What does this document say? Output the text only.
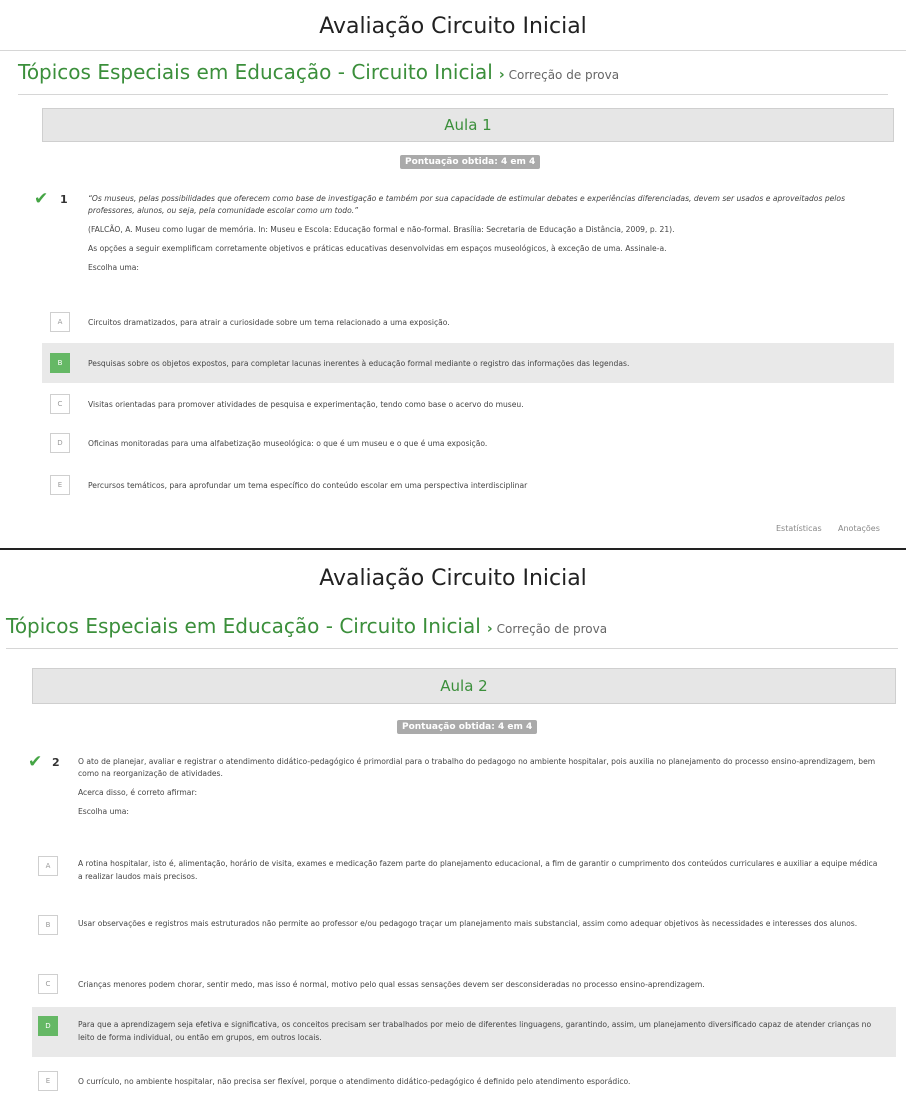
Avaliação Circuito Inicial
Tópicos Especiais em Educação - Circuito Inicial › Correção de prova
Aula 1
Pontuação obtida: 4 em 4
✔ 1	“Os museus, pelas possibilidades que oferecem como base de investigação e também por sua capacidade de estimular debates e experiências diferenciadas, devem ser usados e aproveitados pelos professores, alunos, ou seja, pela comunidade escolar como um todo.”

(FALCÃO, A. Museu como lugar de memória. In: Museu e Escola: Educação formal e não-formal. Brasília: Secretaria de Educação a Distância, 2009, p. 21).

As opções a seguir exemplificam corretamente objetivos e práticas educativas desenvolvidas em espaços museológicos, à exceção de uma. Assinale-a.

Escolha uma:

A	Circuitos dramatizados, para atrair a curiosidade sobre um tema relacionado a uma exposição.
B	Pesquisas sobre os objetos expostos, para completar lacunas inerentes à educação formal mediante o registro das informações das legendas.
C	Visitas orientadas para promover atividades de pesquisa e experimentação, tendo como base o acervo do museu.
D	Oficinas monitoradas para uma alfabetização museológica: o que é um museu e o que é uma exposição.
E	Percursos temáticos, para aprofundar um tema específico do conteúdo escolar em uma perspectiva interdisciplinar
Estatísticas Anotações
Avaliação Circuito Inicial
Tópicos Especiais em Educação - Circuito Inicial › Correção de prova
Aula 2
Pontuação obtida: 4 em 4
✔ 2 O ato de planejar, avaliar e registrar o atendimento didático-pedagógico é primordial para o trabalho do pedagogo no ambiente hospitalar, pois auxilia no planejamento do processo ensino-aprendizagem, bem como na reorganização de atividades.

Acerca disso, é correto afirmar:

Escolha uma:

A	A rotina hospitalar, isto é, alimentação, horário de visita, exames e medicação fazem parte do planejamento educacional, a fim de garantir o cumprimento dos conteúdos curriculares e auxiliar a equipe médica a realizar laudos mais precisos.
B	Usar observações e registros mais estruturados não permite ao professor e/ou pedagogo traçar um planejamento mais substancial, assim como adequar objetivos às necessidades e interesses dos alunos.
C	Crianças menores podem chorar, sentir medo, mas isso é normal, motivo pelo qual essas sensações devem ser desconsideradas no processo ensino-aprendizagem.
D	Para que a aprendizagem seja efetiva e significativa, os conceitos precisam ser trabalhados por meio de diferentes linguagens, garantindo, assim, um planejamento diversificado capaz de atender crianças no leito de forma individual, ou então em grupos, em outros locais.
E	O currículo, no ambiente hospitalar, não precisa ser flexível, porque o atendimento didático-pedagógico é definido pelo atendimento esporádico.
